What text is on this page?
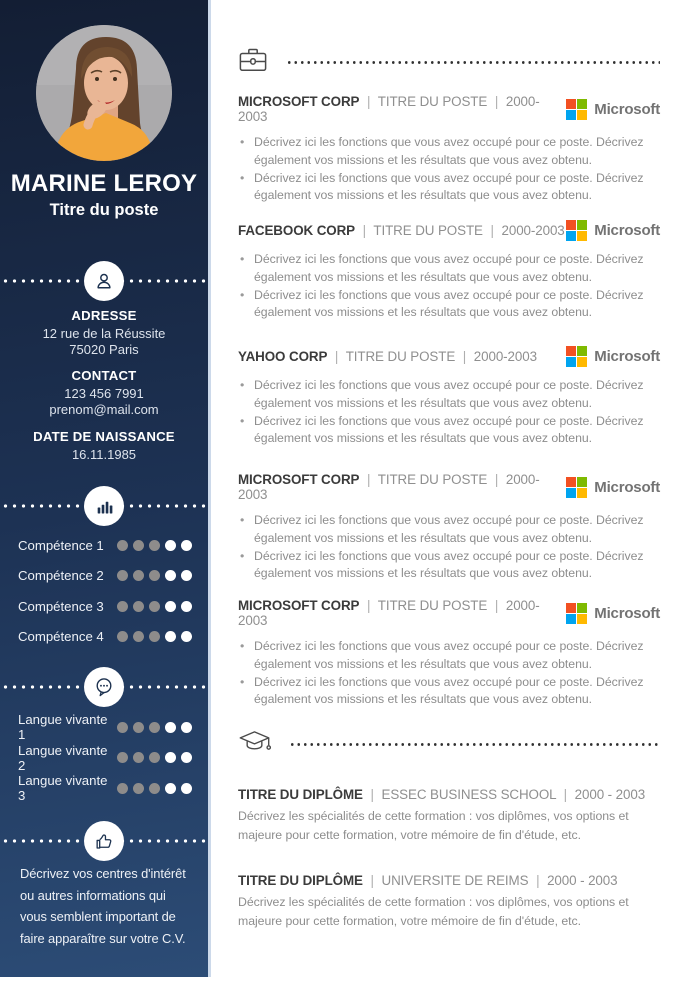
MARINE LEROY
Titre du poste
ADRESSE
12 rue de la Réussite
75020 Paris
CONTACT
123 456 7991
prenom@mail.com
DATE DE NAISSANCE
16.11.1985
Compétence 1
Compétence 2
Compétence 3
Compétence 4
Langue vivante 1
Langue vivante 2
Langue vivante 3
Décrivez vos centres d'intérêt
ou autres informations qui
vous semblent important de
faire apparaître sur votre C.V.
MICROSOFT CORP | TITRE DU POSTE | 2000-2003	Microsoft
• Décrivez ici les fonctions que vous avez occupé pour ce poste. Décrivez également vos missions et les résultats que vous avez obtenu.
• Décrivez ici les fonctions que vous avez occupé pour ce poste. Décrivez également vos missions et les résultats que vous avez obtenu.
FACEBOOK CORP | TITRE DU POSTE | 2000-2003 Microsoft
• Décrivez ici les fonctions que vous avez occupé pour ce poste. Décrivez également vos missions et les résultats que vous avez obtenu.
• Décrivez ici les fonctions que vous avez occupé pour ce poste. Décrivez également vos missions et les résultats que vous avez obtenu.
YAHOO CORP | TITRE DU POSTE | 2000-2003	Microsoft
• Décrivez ici les fonctions que vous avez occupé pour ce poste. Décrivez également vos missions et les résultats que vous avez obtenu.
• Décrivez ici les fonctions que vous avez occupé pour ce poste. Décrivez également vos missions et les résultats que vous avez obtenu.
MICROSOFT CORP | TITRE DU POSTE | 2000-2003	Microsoft
• Décrivez ici les fonctions que vous avez occupé pour ce poste. Décrivez également vos missions et les résultats que vous avez obtenu.
• Décrivez ici les fonctions que vous avez occupé pour ce poste. Décrivez également vos missions et les résultats que vous avez obtenu.
MICROSOFT CORP | TITRE DU POSTE | 2000-2003	Microsoft
• Décrivez ici les fonctions que vous avez occupé pour ce poste. Décrivez également vos missions et les résultats que vous avez obtenu.
• Décrivez ici les fonctions que vous avez occupé pour ce poste. Décrivez également vos missions et les résultats que vous avez obtenu.
TITRE DU DIPLÔME | ESSEC BUSINESS SCHOOL | 2000 - 2003

Décrivez les spécialités de cette formation : vos diplômes, vos options et majeure pour cette formation, votre mémoire de fin d'étude, etc.

TITRE DU DIPLÔME | UNIVERSITE DE REIMS | 2000 - 2003

Décrivez les spécialités de cette formation : vos diplômes, vos options et majeure pour cette formation, votre mémoire de fin d'étude, etc.
